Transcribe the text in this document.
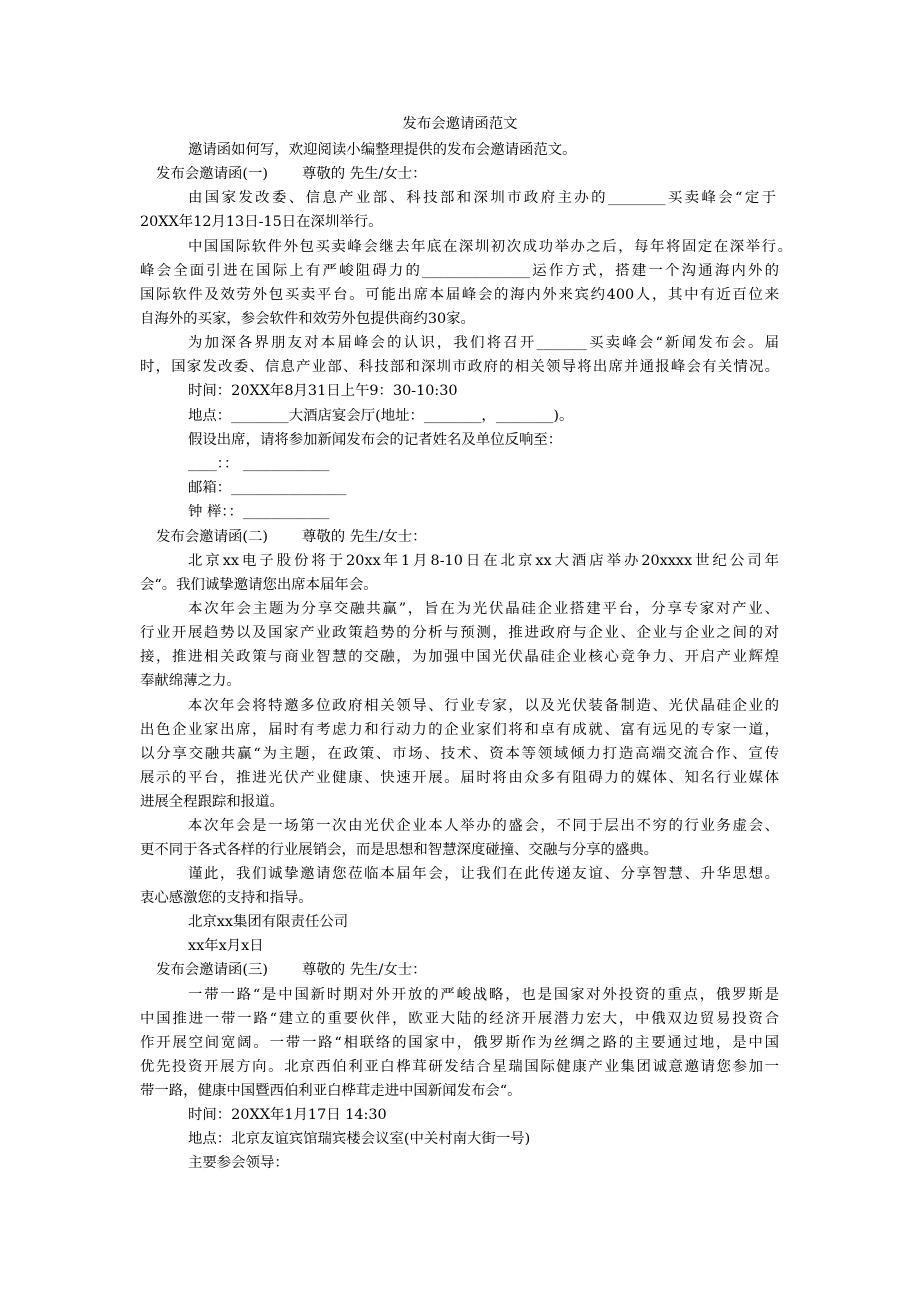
发布会邀请函范文
邀请函如何写，欢迎阅读小编整理提供的发布会邀请函范文。
发布会邀请函(一) 尊敬的 先生/女士：
由国家发改委、信息产业部、科技部和深圳市政府主办的________买卖峰会“定于
20XX年12月13日-15日在深圳举行。
中国国际软件外包买卖峰会继去年底在深圳初次成功举办之后，每年将固定在深举行。
峰会全面引进在国际上有严峻阻碍力的_______________运作方式，搭建一个沟通海内外的
国际软件及效劳外包买卖平台。可能出席本届峰会的海内外来宾约400人，其中有近百位来
自海外的买家，参会软件和效劳外包提供商约30家。
为加深各界朋友对本届峰会的认识，我们将召开_______买卖峰会“新闻发布会。届
时，国家发改委、信息产业部、科技部和深圳市政府的相关领导将出席并通报峰会有关情况。
时间：20XX年8月31日上午9：30-10:30
地点：________大酒店宴会厅(地址：________，________)。
假设出席，请将参加新闻发布会的记者姓名及单位反响至：
____：： ____________
邮箱：________________
钟 榉：：____________
发布会邀请函(二) 尊敬的 先生/女士：
北京xx电子股份将于20xx年1月8-10日在北京xx大酒店举办20xxxx世纪公司年
会“。我们诚挚邀请您出席本届年会。
本次年会主题为分享交融共赢”，旨在为光伏晶硅企业搭建平台，分享专家对产业、
行业开展趋势以及国家产业政策趋势的分析与预测，推进政府与企业、企业与企业之间的对
接，推进相关政策与商业智慧的交融，为加强中国光伏晶硅企业核心竞争力、开启产业辉煌
奉献绵薄之力。
本次年会将特邀多位政府相关领导、行业专家，以及光伏装备制造、光伏晶硅企业的
出色企业家出席，届时有考虑力和行动力的企业家们将和卓有成就、富有远见的专家一道，
以分享交融共赢“为主题，在政策、市场、技术、资本等领域倾力打造高端交流合作、宣传
展示的平台，推进光伏产业健康、快速开展。届时将由众多有阻碍力的媒体、知名行业媒体
进展全程跟踪和报道。
本次年会是一场第一次由光伏企业本人举办的盛会，不同于层出不穷的行业务虚会、
更不同于各式各样的行业展销会，而是思想和智慧深度碰撞、交融与分享的盛典。
谨此，我们诚挚邀请您莅临本届年会，让我们在此传递友谊、分享智慧、升华思想。
衷心感激您的支持和指导。
北京xx集团有限责任公司
xx年x月x日
发布会邀请函(三) 尊敬的 先生/女士：
一带一路“是中国新时期对外开放的严峻战略，也是国家对外投资的重点，俄罗斯是
中国推进一带一路“建立的重要伙伴，欧亚大陆的经济开展潜力宏大，中俄双边贸易投资合
作开展空间宽阔。一带一路“相联络的国家中，俄罗斯作为丝绸之路的主要通过地，是中国
优先投资开展方向。北京西伯利亚白桦茸研发结合星瑞国际健康产业集团诚意邀请您参加一
带一路，健康中国暨西伯利亚白桦茸走进中国新闻发布会“。
时间：20XX年1月17日 14:30
地点：北京友谊宾馆瑞宾楼会议室(中关村南大街一号)
主要参会领导：
